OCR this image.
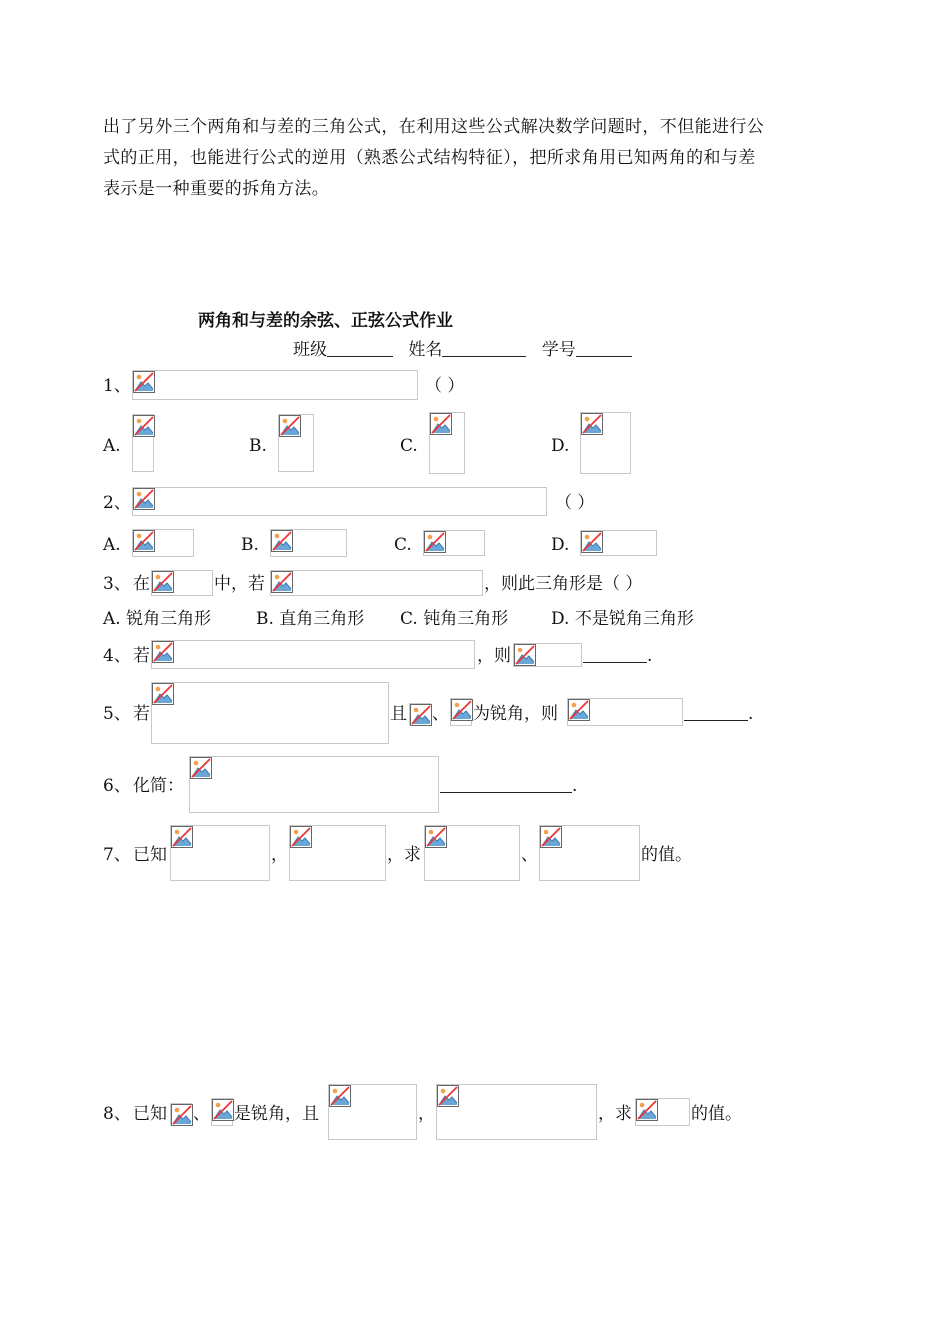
出了另外三个两角和与差的三角公式，在利用这些公式解决数学问题时，不但能进行公
式的正用，也能进行公式的逆用（熟悉公式结构特征），把所求角用已知两角的和与差
表示是一种重要的拆角方法。
两角和与差的余弦、正弦公式作业
班级	姓名	学号
1、	（ ）
A.	B.	C.	D.
2、	（ ）
A.	B.	C.	D.
3、 在	中，若	，则此三角形是（ ）
A. 锐角三角形	B. 直角三角形 C. 钝角三角形	D. 不是锐角三角形
4、 若	，则	.
5、 若	且 、 为锐角，则	.
6、 化简：	.
7、 已知	，	，求	、	的值。
8、 已知 、 是锐角，且	，	，求	的值。
